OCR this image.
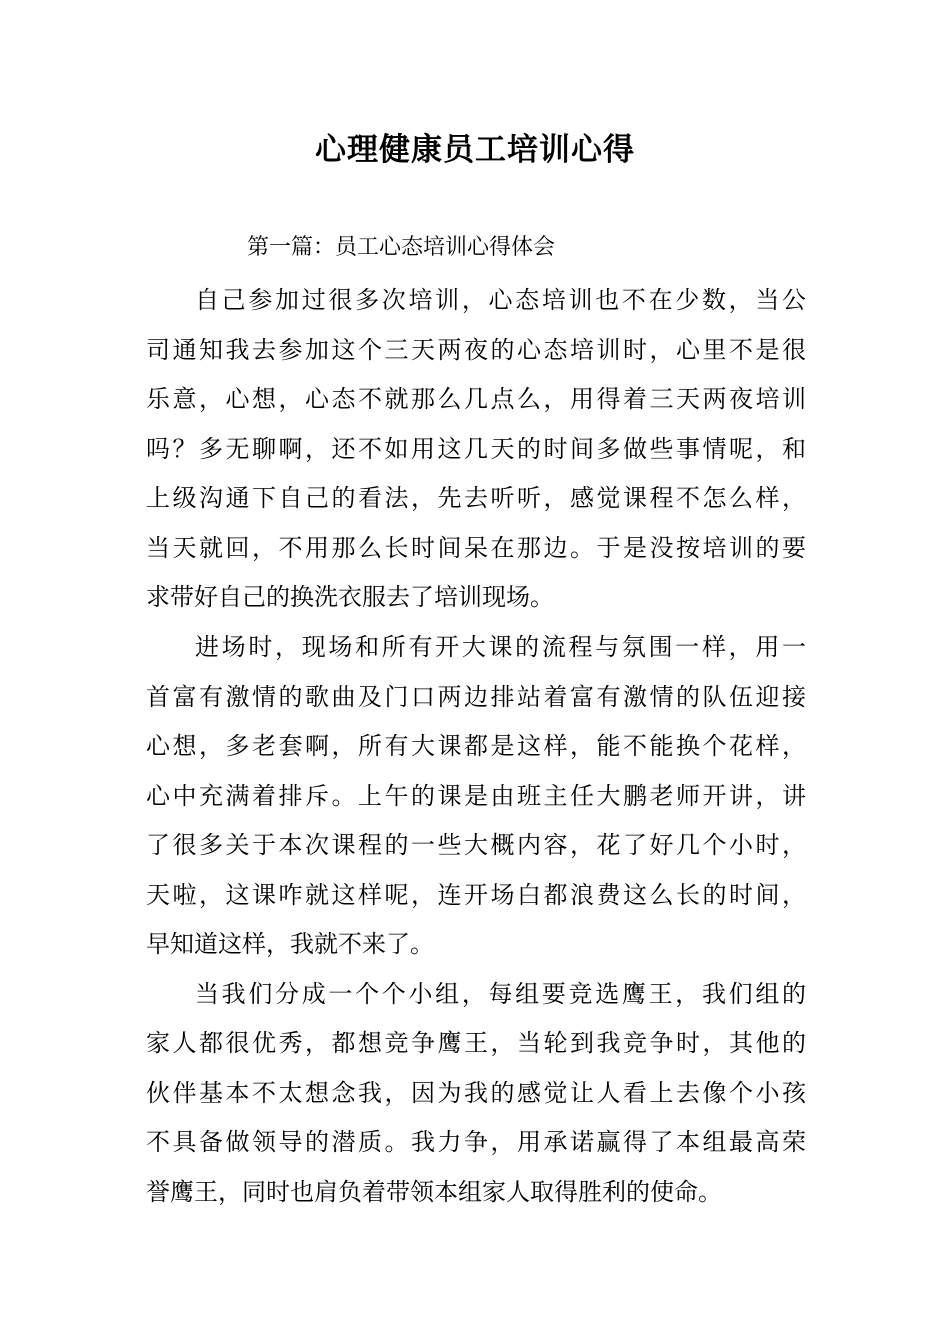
心理健康员工培训心得
第一篇：员工心态培训心得体会
自己参加过很多次培训，心态培训也不在少数，当公
司通知我去参加这个三天两夜的心态培训时，心里不是很
乐意，心想，心态不就那么几点么，用得着三天两夜培训
吗？多无聊啊，还不如用这几天的时间多做些事情呢，和
上级沟通下自己的看法，先去听听，感觉课程不怎么样，
当天就回，不用那么长时间呆在那边。于是没按培训的要
求带好自己的换洗衣服去了培训现场。
进场时，现场和所有开大课的流程与氛围一样，用一
首富有激情的歌曲及门口两边排站着富有激情的队伍迎接
心想，多老套啊，所有大课都是这样，能不能换个花样，
心中充满着排斥。上午的课是由班主任大鹏老师开讲，讲
了很多关于本次课程的一些大概内容，花了好几个小时，
天啦，这课咋就这样呢，连开场白都浪费这么长的时间，
早知道这样，我就不来了。
当我们分成一个个小组，每组要竞选鹰王，我们组的
家人都很优秀，都想竞争鹰王，当轮到我竞争时，其他的
伙伴基本不太想念我，因为我的感觉让人看上去像个小孩
不具备做领导的潜质。我力争，用承诺赢得了本组最高荣
誉鹰王，同时也肩负着带领本组家人取得胜利的使命。
